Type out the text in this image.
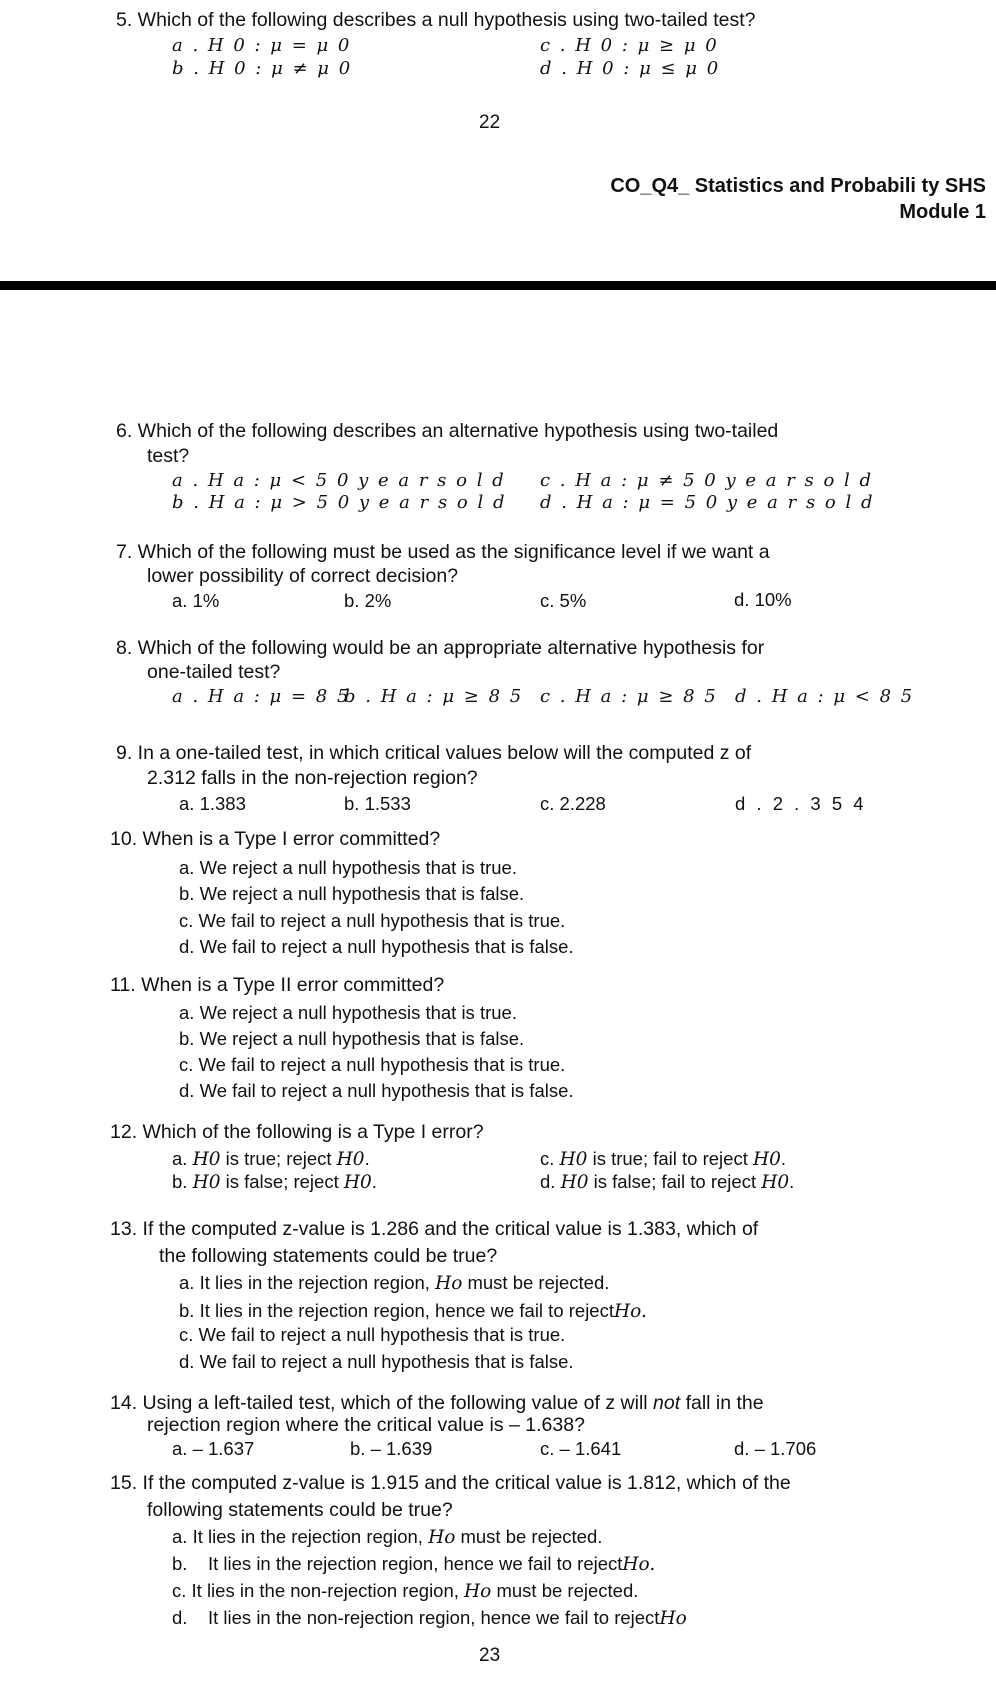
5. Which of the following describes a null hypothesis using two-tailed test?
a . H 0 : μ = μ 0
b . H 0 : μ ≠ μ 0
c . H 0 : μ ≥ μ 0
d . H 0 : μ ≤ μ 0
22
CO_Q4_ Statistics and Probabili ty SHS
Module 1
6. Which of the following describes an alternative hypothesis using two-tailed
test?
a . H a : μ < 5 0 y e a r s o l d
b . H a : μ > 5 0 y e a r s o l d
c . H a : μ ≠ 5 0 y e a r s o l d
d . H a : μ = 5 0 y e a r s o l d
7. Which of the following must be used as the significance level if we want a
lower possibility of correct decision?
a. 1%	b. 2%	c. 5%	d. 10%
8. Which of the following would be an appropriate alternative hypothesis for
one-tailed test?
a . H a : μ = 8 5
b . H a : μ ≥ 8 5 c . H a : μ ≥ 8 5 d . H a : μ < 8 5
9. In a one-tailed test, in which critical values below will the computed z of
2.312 falls in the non-rejection region?
a. 1.383	b. 1.533	c. 2.228	d . 2 . 3 5 4
10. When is a Type I error committed?
a. We reject a null hypothesis that is true.
b. We reject a null hypothesis that is false.
c. We fail to reject a null hypothesis that is true.
d. We fail to reject a null hypothesis that is false.
11. When is a Type II error committed?
a. We reject a null hypothesis that is true.
b. We reject a null hypothesis that is false.
c. We fail to reject a null hypothesis that is true.
d. We fail to reject a null hypothesis that is false.
12. Which of the following is a Type I error?
a. H0 is true; reject H0.
b. H0 is false; reject H0.
c. H0 is true; fail to reject H0.
d. H0 is false; fail to reject H0.
13. If the computed z-value is 1.286 and the critical value is 1.383, which of
the following statements could be true?
a. It lies in the rejection region, Ho must be rejected.
b. It lies in the rejection region, hence we fail to rejectHo.
c. We fail to reject a null hypothesis that is true.
d. We fail to reject a null hypothesis that is false.
14. Using a left-tailed test, which of the following value of z will not fall in the
rejection region where the critical value is – 1.638?
a. – 1.637	b. – 1.639	c. – 1.641	d. – 1.706
15. If the computed z-value is 1.915 and the critical value is 1.812, which of the
following statements could be true?
a. It lies in the rejection region, Ho must be rejected.
b. It lies in the rejection region, hence we fail to rejectHo.
c. It lies in the non-rejection region, Ho must be rejected.
d. It lies in the non-rejection region, hence we fail to rejectHo
23
